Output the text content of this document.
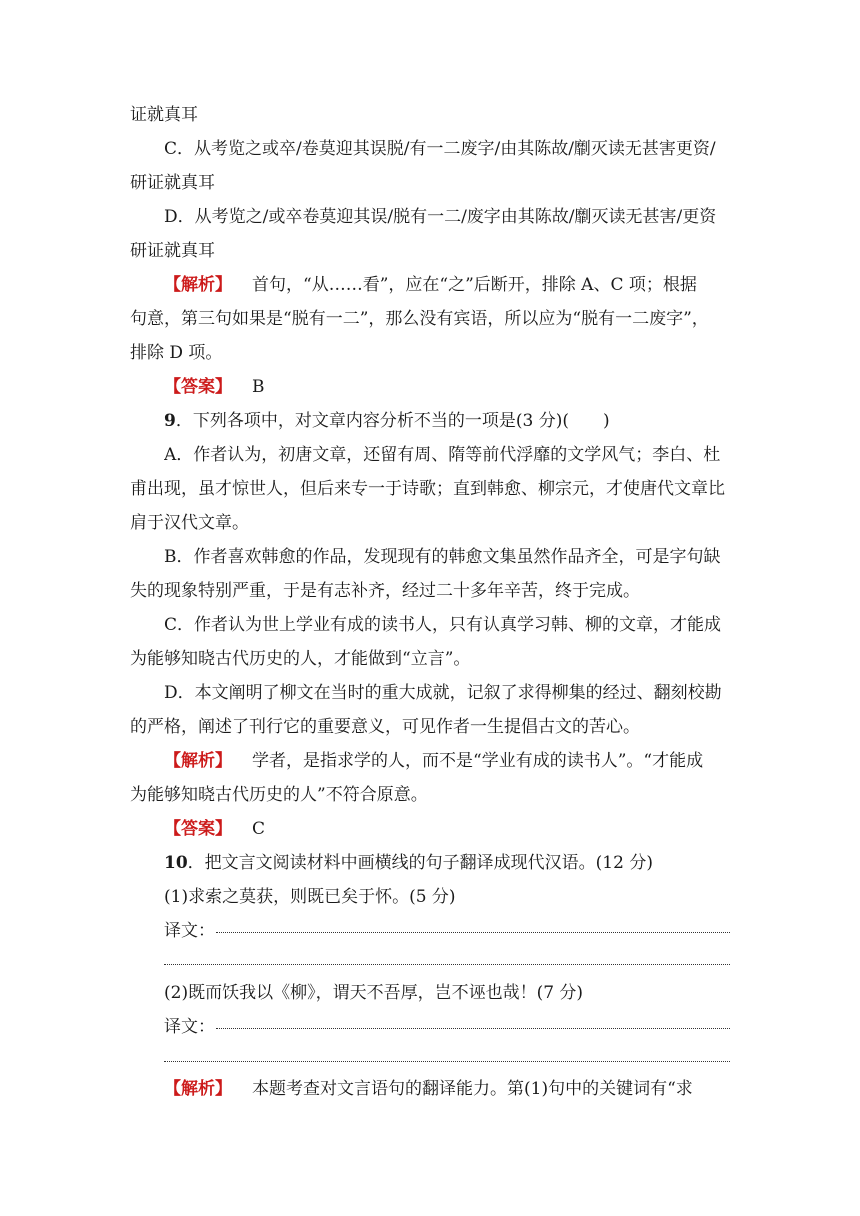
证就真耳
C．从考览之或卒/卷莫迎其误脱/有一二废字/由其陈故/劘灭读无甚害更资/
研证就真耳
D．从考览之/或卒卷莫迎其误/脱有一二/废字由其陈故/劘灭读无甚害/更资
研证就真耳
【 解析 】 首句，“从……看”，应在“之”后断开，排除 A、C 项；根据
句意，第三句如果是“脱有一二”，那么没有宾语，所以应为“脱有一二废字”，
排除 D 项。
【 答案 】 B
9．下列各项中，对文章内容分析不当的一项是(3 分)(　　)
A．作者认为，初唐文章，还留有周、隋等前代浮靡的文学风气；李白、杜
甫出现，虽才惊世人，但后来专一于诗歌；直到韩愈、柳宗元，才使唐代文章比
肩于汉代文章。
B．作者喜欢韩愈的作品，发现现有的韩愈文集虽然作品齐全，可是字句缺
失的现象特别严重，于是有志补齐，经过二十多年辛苦，终于完成。
C．作者认为世上学业有成的读书人，只有认真学习韩、柳的文章，才能成
为能够知晓古代历史的人，才能做到“立言”。
D．本文阐明了柳文在当时的重大成就，记叙了求得柳集的经过、翻刻校勘
的严格，阐述了刊行它的重要意义，可见作者一生提倡古文的苦心。
【 解析 】 学者，是指求学的人，而不是“学业有成的读书人”。“才能成
为能够知晓古代历史的人”不符合原意。
【 答案 】 C
10．把文言文阅读材料中画横线的句子翻译成现代汉语。(12 分)
(1)求索之莫获，则既已矣于怀。(5 分)
译文：
(2)既而饫我以《柳》，谓天不吾厚，岂不诬也哉！(7 分)
译文：
【 解析 】 本题考查对文言语句的翻译能力。第(1)句中的关键词有“求
